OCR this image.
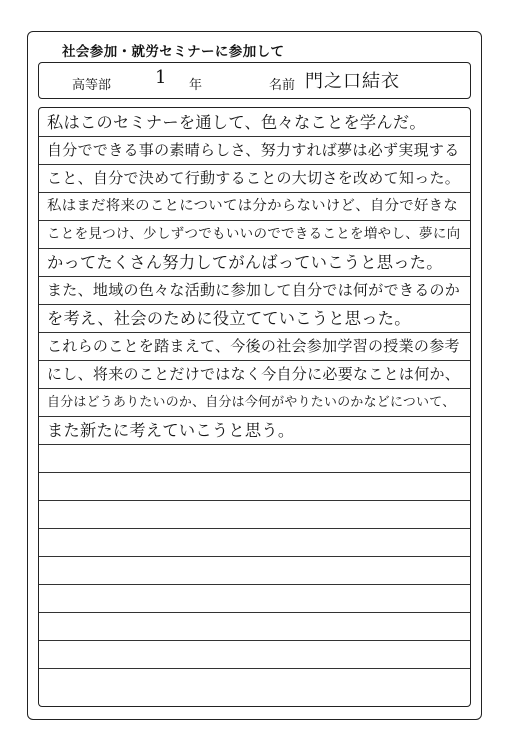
社会参加・就労セミナーに参加して
高等部 1 年	名前 門之口結衣
私はこのセミナーを通して、色々なことを学んだ。
自分でできる事の素晴らしさ、努力すれば夢は必ず実現する
こと、自分で決めて行動することの大切さを改めて知った。
私はまだ将来のことについては分からないけど、自分で好きな
ことを見つけ、少しずつでもいいのでできることを増やし、夢に向
かってたくさん努力してがんばっていこうと思った。
また、地域の色々な活動に参加して自分では何ができるのか
を考え、社会のために役立てていこうと思った。
これらのことを踏まえて、今後の社会参加学習の授業の参考
にし、将来のことだけではなく今自分に必要なことは何か、
自分はどうありたいのか、自分は今何がやりたいのかなどについて、
また新たに考えていこうと思う。
